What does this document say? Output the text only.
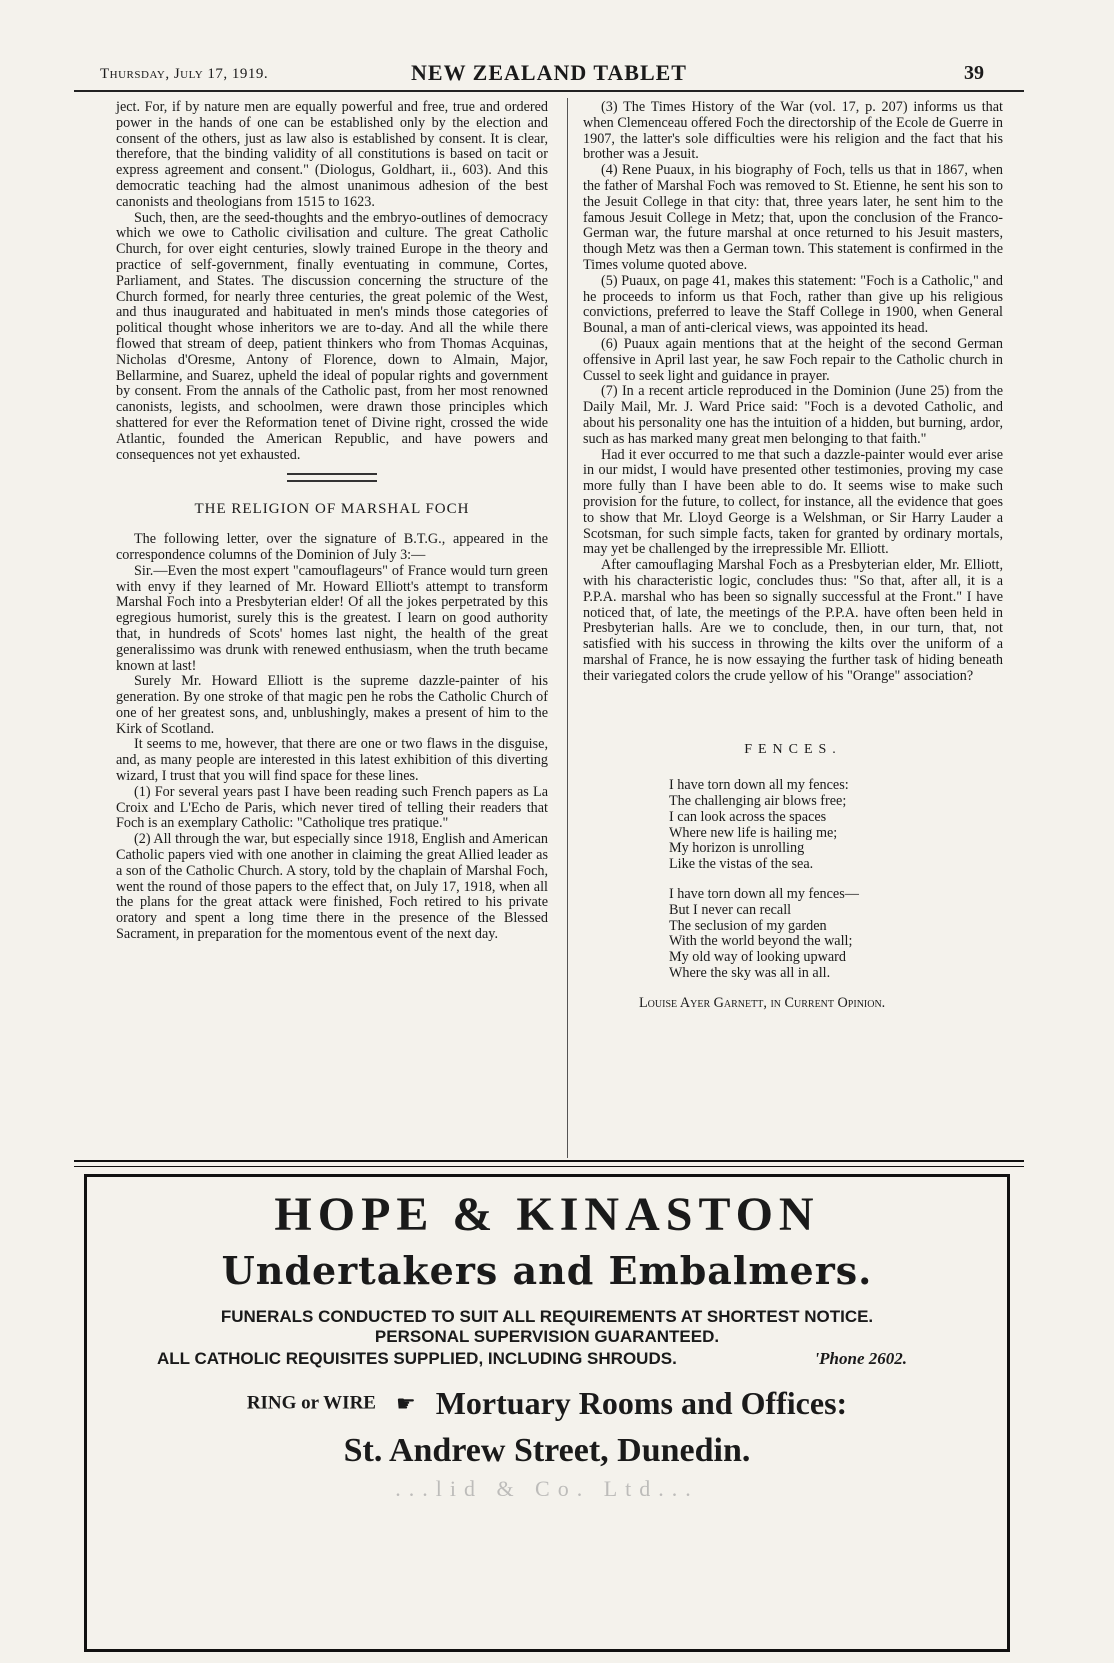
Thursday, July 17, 1919.	NEW ZEALAND TABLET	39

ject. For, if by nature men are equally powerful and free, true and ordered power in the hands of one can be established only by the election and consent of the others, just as law also is established by consent. It is clear, therefore, that the binding validity of all constitutions is based on tacit or express agreement and consent." (Diologus, Goldhart, ii., 603). And this democratic teaching had the almost unanimous adhesion of the best canonists and theologians from 1515 to 1623.

Such, then, are the seed-thoughts and the embryo-outlines of democracy which we owe to Catholic civilisation and culture. The great Catholic Church, for over eight centuries, slowly trained Europe in the theory and practice of self-government, finally eventuating in commune, Cortes, Parliament, and States. The discussion concerning the structure of the Church formed, for nearly three centuries, the great polemic of the West, and thus inaugurated and habituated in men's minds those categories of political thought whose inheritors we are to-day. And all the while there flowed that stream of deep, patient thinkers who from Thomas Acquinas, Nicholas d'Oresme, Antony of Florence, down to Almain, Major, Bellarmine, and Suarez, upheld the ideal of popular rights and government by consent. From the annals of the Catholic past, from her most renowned canonists, legists, and schoolmen, were drawn those principles which shattered for ever the Reformation tenet of Divine right, crossed the wide Atlantic, founded the American Republic, and have powers and consequences not yet exhausted.

THE RELIGION OF MARSHAL FOCH

The following letter, over the signature of B.T.G., appeared in the correspondence columns of the Dominion of July 3:—

Sir.—Even the most expert "camouflageurs" of France would turn green with envy if they learned of Mr. Howard Elliott's attempt to transform Marshal Foch into a Presbyterian elder! Of all the jokes perpetrated by this egregious humorist, surely this is the greatest. I learn on good authority that, in hundreds of Scots' homes last night, the health of the great generalissimo was drunk with renewed enthusiasm, when the truth became known at last!

Surely Mr. Howard Elliott is the supreme dazzle-painter of his generation. By one stroke of that magic pen he robs the Catholic Church of one of her greatest sons, and, unblushingly, makes a present of him to the Kirk of Scotland.

It seems to me, however, that there are one or two flaws in the disguise, and, as many people are interested in this latest exhibition of this diverting wizard, I trust that you will find space for these lines.

(1) For several years past I have been reading such French papers as La Croix and L'Echo de Paris, which never tired of telling their readers that Foch is an exemplary Catholic: "Catholique tres pratique."

(2) All through the war, but especially since 1918, English and American Catholic papers vied with one another in claiming the great Allied leader as a son of the Catholic Church. A story, told by the chaplain of Marshal Foch, went the round of those papers to the effect that, on July 17, 1918, when all the plans for the great attack were finished, Foch retired to his private oratory and spent a long time there in the presence of the Blessed Sacrament, in preparation for the momentous event of the next day.

(3) The Times History of the War (vol. 17, p. 207) informs us that when Clemenceau offered Foch the directorship of the Ecole de Guerre in 1907, the latter's sole difficulties were his religion and the fact that his brother was a Jesuit.

(4) Rene Puaux, in his biography of Foch, tells us that in 1867, when the father of Marshal Foch was removed to St. Etienne, he sent his son to the Jesuit College in that city: that, three years later, he sent him to the famous Jesuit College in Metz; that, upon the conclusion of the Franco-German war, the future marshal at once returned to his Jesuit masters, though Metz was then a German town. This statement is confirmed in the Times volume quoted above.

(5) Puaux, on page 41, makes this statement: "Foch is a Catholic," and he proceeds to inform us that Foch, rather than give up his religious convictions, preferred to leave the Staff College in 1900, when General Bounal, a man of anti-clerical views, was appointed its head.

(6) Puaux again mentions that at the height of the second German offensive in April last year, he saw Foch repair to the Catholic church in Cussel to seek light and guidance in prayer.

(7) In a recent article reproduced in the Dominion (June 25) from the Daily Mail, Mr. J. Ward Price said: "Foch is a devoted Catholic, and about his personality one has the intuition of a hidden, but burning, ardor, such as has marked many great men belonging to that faith."

Had it ever occurred to me that such a dazzle-painter would ever arise in our midst, I would have presented other testimonies, proving my case more fully than I have been able to do. It seems wise to make such provision for the future, to collect, for instance, all the evidence that goes to show that Mr. Lloyd George is a Welshman, or Sir Harry Lauder a Scotsman, for such simple facts, taken for granted by ordinary mortals, may yet be challenged by the irrepressible Mr. Elliott.

After camouflaging Marshal Foch as a Presbyterian elder, Mr. Elliott, with his characteristic logic, concludes thus: "So that, after all, it is a P.P.A. marshal who has been so signally successful at the Front." I have noticed that, of late, the meetings of the P.P.A. have often been held in Presbyterian halls. Are we to conclude, then, in our turn, that, not satisfied with his success in throwing the kilts over the uniform of a marshal of France, he is now essaying the further task of hiding beneath their variegated colors the crude yellow of his "Orange" association?

FENCES.
I have torn down all my fences:
The challenging air blows free;
I can look across the spaces
Where new life is hailing me;
My horizon is unrolling
Like the vistas of the sea.
I have torn down all my fences—
But I never can recall
The seclusion of my garden
With the world beyond the wall;
My old way of looking upward
Where the sky was all in all.
Louise Ayer Garnett, in Current Opinion.
HOPE & KINASTON
Undertakers and Embalmers.
FUNERALS CONDUCTED TO SUIT ALL REQUIREMENTS AT SHORTEST NOTICE.
PERSONAL SUPERVISION GUARANTEED.
ALL CATHOLIC REQUISITES SUPPLIED, INCLUDING SHROUDS.	'Phone 2602.
RING or WIRE ☛ Mortuary Rooms and Offices:
St. Andrew Street, Dunedin.
...lid & Co. Ltd...
